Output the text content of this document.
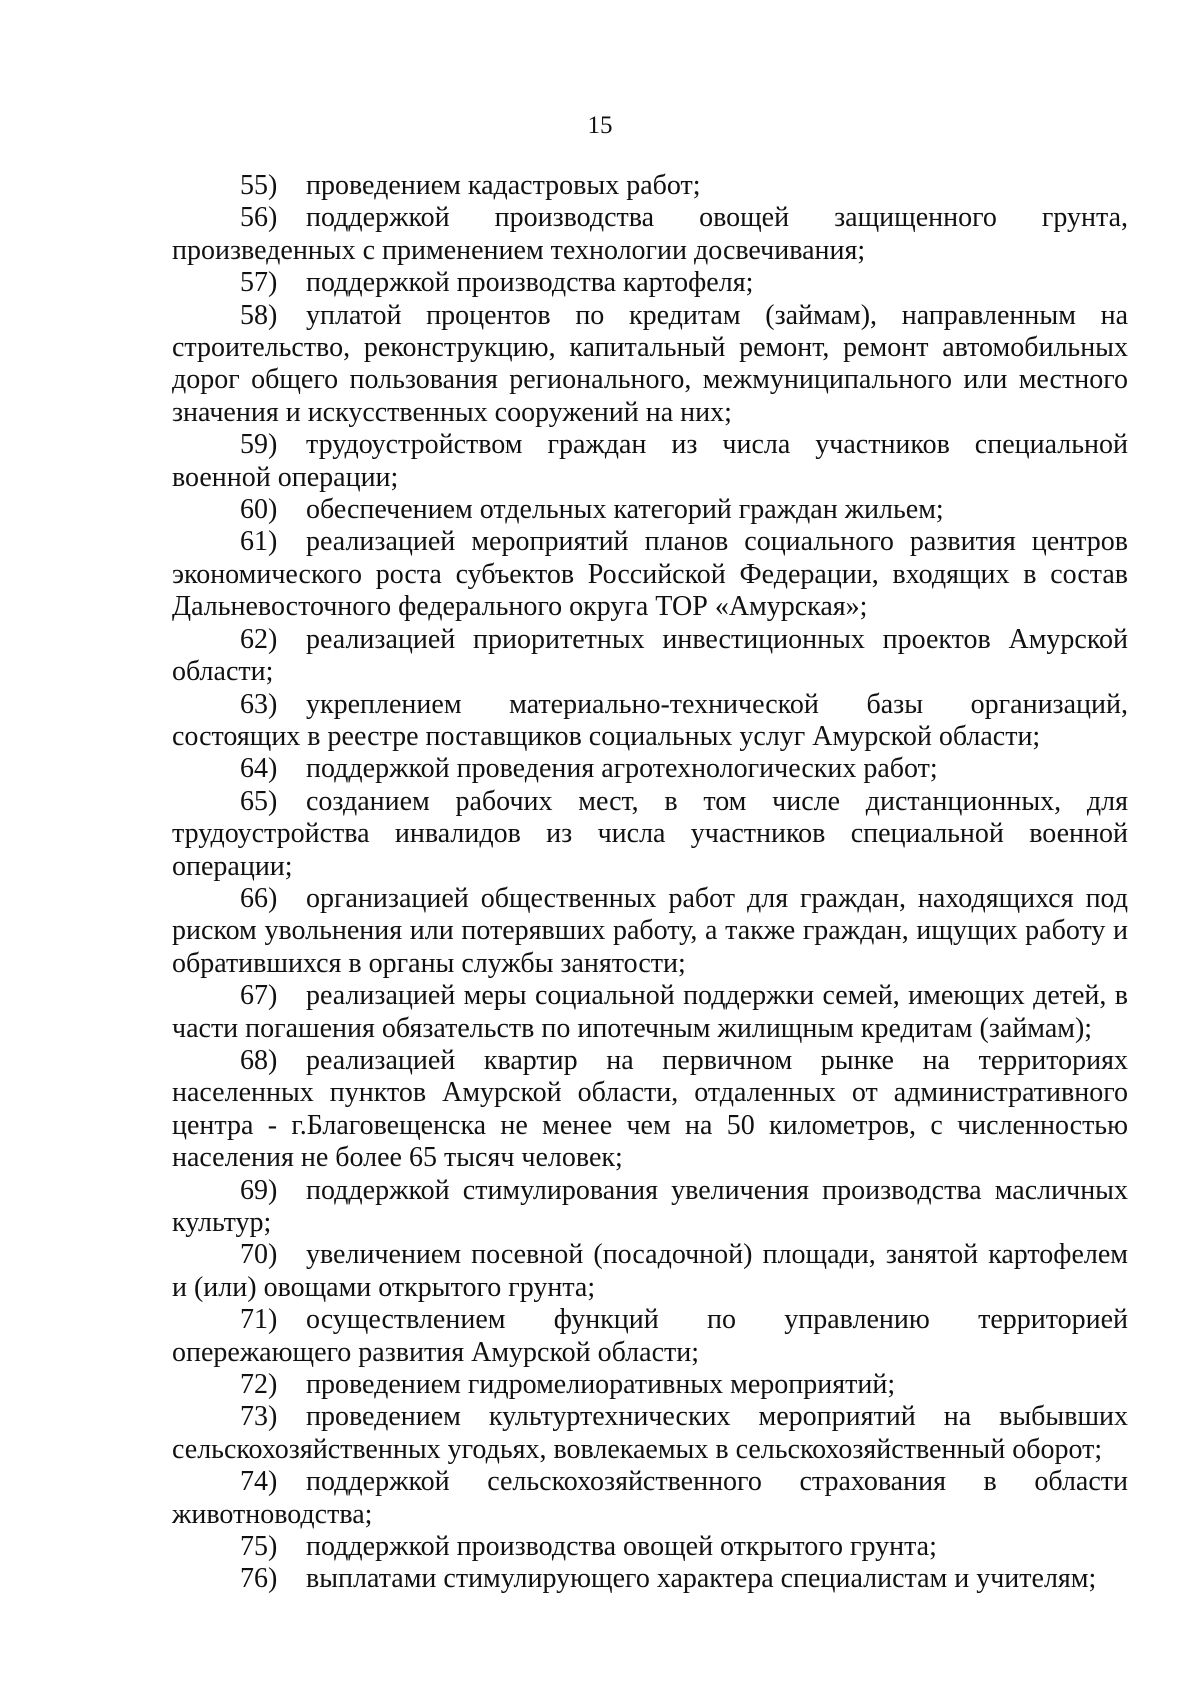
15

55) проведением кадастровых работ;

56) поддержкой производства овощей защищенного грунта, произведенных с применением технологии досвечивания;

57) поддержкой производства картофеля;

58) уплатой процентов по кредитам (займам), направленным на строительство, реконструкцию, капитальный ремонт, ремонт автомобильных дорог общего пользования регионального, межмуниципального или местного значения и искусственных сооружений на них;

59) трудоустройством граждан из числа участников специальной военной операции;

60) обеспечением отдельных категорий граждан жильем;

61) реализацией мероприятий планов социального развития центров экономического роста субъектов Российской Федерации, входящих в состав Дальневосточного федерального округа ТОР «Амурская»;

62) реализацией приоритетных инвестиционных проектов Амурской области;

63) укреплением материально-технической базы организаций, состоящих в реестре поставщиков социальных услуг Амурской области;

64) поддержкой проведения агротехнологических работ;

65) созданием рабочих мест, в том числе дистанционных, для трудоустройства инвалидов из числа участников специальной военной операции;

66) организацией общественных работ для граждан, находящихся под риском увольнения или потерявших работу, а также граждан, ищущих работу и обратившихся в органы службы занятости;

67) реализацией меры социальной поддержки семей, имеющих детей, в части погашения обязательств по ипотечным жилищным кредитам (займам);

68) реализацией квартир на первичном рынке на территориях населенных пунктов Амурской области, отдаленных от административного центра - г.Благовещенска не менее чем на 50 километров, с численностью населения не более 65 тысяч человек;

69) поддержкой стимулирования увеличения производства масличных культур;

70) увеличением посевной (посадочной) площади, занятой картофелем и (или) овощами открытого грунта;

71) осуществлением функций по управлению территорией опережающего развития Амурской области;

72) проведением гидромелиоративных мероприятий;

73) проведением культуртехнических мероприятий на выбывших сельскохозяйственных угодьях, вовлекаемых в сельскохозяйственный оборот;

74) поддержкой сельскохозяйственного страхования в области животноводства;

75) поддержкой производства овощей открытого грунта;

76) выплатами стимулирующего характера специалистам и учителям;
